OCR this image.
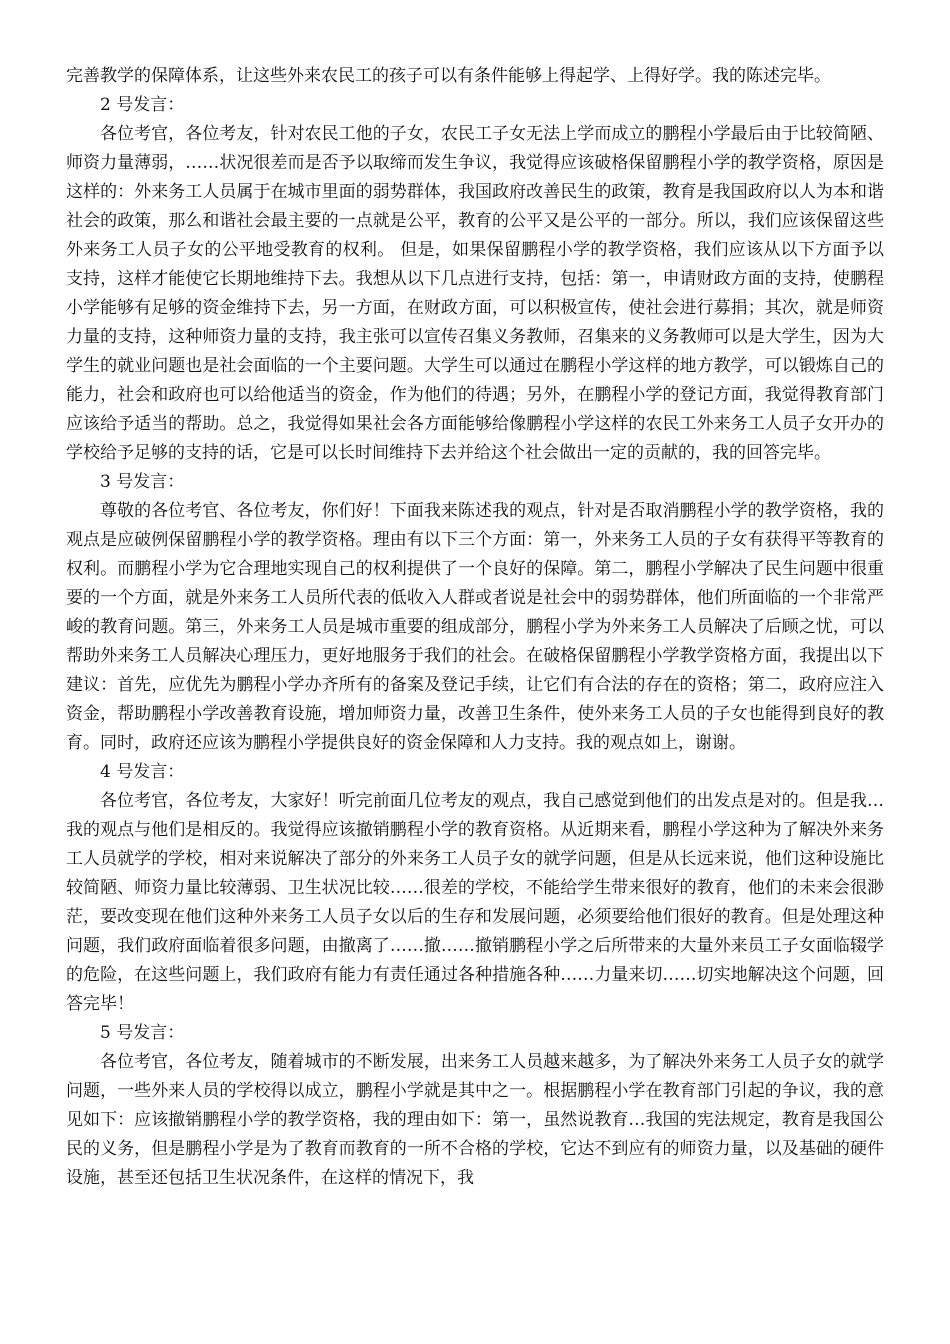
完善教学的保障体系，让这些外来农民工的孩子可以有条件能够上得起学、上得好学。我的陈述完毕。

2 号发言：

各位考官，各位考友，针对农民工他的子女，农民工子女无法上学而成立的鹏程小学最后由于比较简陋、师资力量薄弱，……状况很差而是否予以取缔而发生争议，我觉得应该破格保留鹏程小学的教学资格，原因是这样的：外来务工人员属于在城市里面的弱势群体，我国政府改善民生的政策，教育是我国政府以人为本和谐社会的政策，那么和谐社会最主要的一点就是公平，教育的公平又是公平的一部分。所以，我们应该保留这些外来务工人员子女的公平地受教育的权利。 但是，如果保留鹏程小学的教学资格，我们应该从以下方面予以支持，这样才能使它长期地维持下去。我想从以下几点进行支持，包括：第一，申请财政方面的支持，使鹏程小学能够有足够的资金维持下去，另一方面，在财政方面，可以积极宣传，使社会进行募捐；其次，就是师资力量的支持，这种师资力量的支持，我主张可以宣传召集义务教师，召集来的义务教师可以是大学生，因为大学生的就业问题也是社会面临的一个主要问题。大学生可以通过在鹏程小学这样的地方教学，可以锻炼自己的能力，社会和政府也可以给他适当的资金，作为他们的待遇；另外，在鹏程小学的登记方面，我觉得教育部门应该给予适当的帮助。总之，我觉得如果社会各方面能够给像鹏程小学这样的农民工外来务工人员子女开办的学校给予足够的支持的话，它是可以长时间维持下去并给这个社会做出一定的贡献的，我的回答完毕。

3 号发言：

尊敬的各位考官、各位考友，你们好！下面我来陈述我的观点，针对是否取消鹏程小学的教学资格，我的观点是应破例保留鹏程小学的教学资格。理由有以下三个方面：第一，外来务工人员的子女有获得平等教育的权利。而鹏程小学为它合理地实现自己的权利提供了一个良好的保障。第二，鹏程小学解决了民生问题中很重要的一个方面，就是外来务工人员所代表的低收入人群或者说是社会中的弱势群体，他们所面临的一个非常严峻的教育问题。第三，外来务工人员是城市重要的组成部分，鹏程小学为外来务工人员解决了后顾之忧，可以帮助外来务工人员解决心理压力，更好地服务于我们的社会。在破格保留鹏程小学教学资格方面，我提出以下建议：首先，应优先为鹏程小学办齐所有的备案及登记手续，让它们有合法的存在的资格；第二，政府应注入资金，帮助鹏程小学改善教育设施，增加师资力量，改善卫生条件，使外来务工人员的子女也能得到良好的教育。同时，政府还应该为鹏程小学提供良好的资金保障和人力支持。我的观点如上，谢谢。

4 号发言：

各位考官，各位考友，大家好！听完前面几位考友的观点，我自己感觉到他们的出发点是对的。但是我…我的观点与他们是相反的。我觉得应该撤销鹏程小学的教育资格。从近期来看，鹏程小学这种为了解决外来务工人员就学的学校，相对来说解决了部分的外来务工人员子女的就学问题，但是从长远来说，他们这种设施比较简陋、师资力量比较薄弱、卫生状况比较……很差的学校，不能给学生带来很好的教育，他们的未来会很渺茫，要改变现在他们这种外来务工人员子女以后的生存和发展问题，必须要给他们很好的教育。但是处理这种问题，我们政府面临着很多问题，由撤离了……撤……撤销鹏程小学之后所带来的大量外来员工子女面临辍学的危险，在这些问题上，我们政府有能力有责任通过各种措施各种……力量来切……切实地解决这个问题，回答完毕！

5 号发言：

各位考官，各位考友，随着城市的不断发展，出来务工人员越来越多，为了解决外来务工人员子女的就学问题，一些外来人员的学校得以成立，鹏程小学就是其中之一。根据鹏程小学在教育部门引起的争议，我的意见如下：应该撤销鹏程小学的教学资格，我的理由如下：第一，虽然说教育…我国的宪法规定，教育是我国公民的义务，但是鹏程小学是为了教育而教育的一所不合格的学校，它达不到应有的师资力量，以及基础的硬件设施，甚至还包括卫生状况条件，在这样的情况下，我
